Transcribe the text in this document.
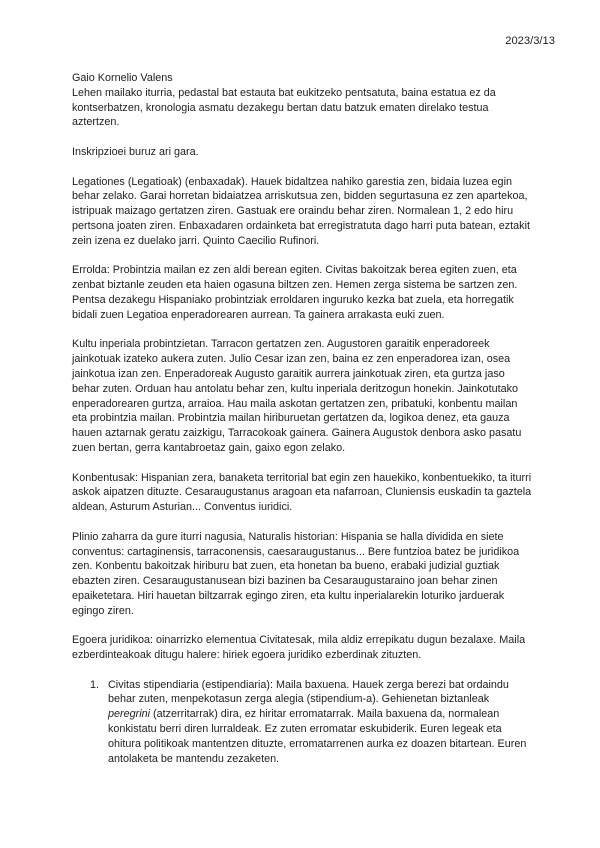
2023/3/13

Gaio Kornelio Valens

Lehen mailako iturria, pedastal bat estauta bat eukitzeko pentsatuta, baina estatua ez da kontserbatzen, kronologia asmatu dezakegu bertan datu batzuk ematen direlako testua aztertzen.

Inskripzioei buruz ari gara.

Legationes (Legatioak) (enbaxadak). Hauek bidaltzea nahiko garestia zen, bidaia luzea egin behar zelako. Garai horretan bidaiatzea arriskutsua zen, bidden segurtasuna ez zen apartekoa, istripuak maizago gertatzen ziren. Gastuak ere oraindu behar ziren. Normalean 1, 2 edo hiru pertsona joaten ziren. Enbaxadaren ordainketa bat erregistratuta dago harri puta batean, eztakit zein izena ez duelako jarri. Quinto Caecilio Rufinori.

Errolda: Probintzia mailan ez zen aldi berean egiten. Civitas bakoitzak berea egiten zuen, eta zenbat biztanle zeuden eta haien ogasuna biltzen zen. Hemen zerga sistema be sartzen zen. Pentsa dezakegu Hispaniako probintziak erroldaren inguruko kezka bat zuela, eta horregatik bidali zuen Legatioa enperadorearen aurrean. Ta gainera arrakasta euki zuen.

Kultu inperiala probintzietan. Tarracon gertatzen zen. Augustoren garaitik enperadoreek jainkotuak izateko aukera zuten. Julio Cesar izan zen, baina ez zen enperadorea izan, osea jainkotua izan zen. Enperadoreak Augusto garaitik aurrera jainkotuak ziren, eta gurtza jaso behar zuten. Orduan hau antolatu behar zen, kultu inperiala deritzogun honekin. Jainkotutako enperadorearen gurtza, arraioa. Hau maila askotan gertatzen zen, pribatuki, konbentu mailan eta probintzia mailan. Probintzia mailan hiriburuetan gertatzen da, logikoa denez, eta gauza hauen aztarnak geratu zaizkigu, Tarracokoak gainera. Gainera Augustok denbora asko pasatu zuen bertan, gerra kantabroetaz gain, gaixo egon zelako.

Konbentusak: Hispanian zera, banaketa territorial bat egin zen hauekiko, konbentuekiko, ta iturri askok aipatzen dituzte. Cesaraugustanus aragoan eta nafarroan, Cluniensis euskadin ta gaztela aldean, Asturum Asturian... Conventus iuridici.

Plinio zaharra da gure iturri nagusia, Naturalis historian: Hispania se halla dividida en siete conventus: cartaginensis, tarraconensis, caesaraugustanus... Bere funtzioa batez be juridikoa zen. Konbentu bakoitzak hiriburu bat zuen, eta honetan ba bueno, erabaki judizial guztiak ebazten ziren. Cesaraugustanusean bizi bazinen ba Cesaraugustaraino joan behar zinen epaiketetara. Hiri hauetan biltzarrak egingo ziren, eta kultu inperialarekin loturiko jarduerak egingo ziren.

Egoera juridikoa: oinarrizko elementua Civitatesak, mila aldiz errepikatu dugun bezalaxe. Maila ezberdinteakoak ditugu halere: hiriek egoera juridiko ezberdinak zituzten.

1. Civitas stipendiaria (estipendiaria): Maila baxuena. Hauek zerga berezi bat ordaindu behar zuten, menpekotasun zerga alegia (stipendium-a). Gehienetan biztanleak peregrini (atzerritarrak) dira, ez hiritar erromatarrak. Maila baxuena da, normalean konkistatu berri diren lurraldeak. Ez zuten erromatar eskubiderik. Euren legeak eta ohitura politikoak mantentzen dituzte, erromatarrenen aurka ez doazen bitartean. Euren antolaketa be mantendu zezaketen.
